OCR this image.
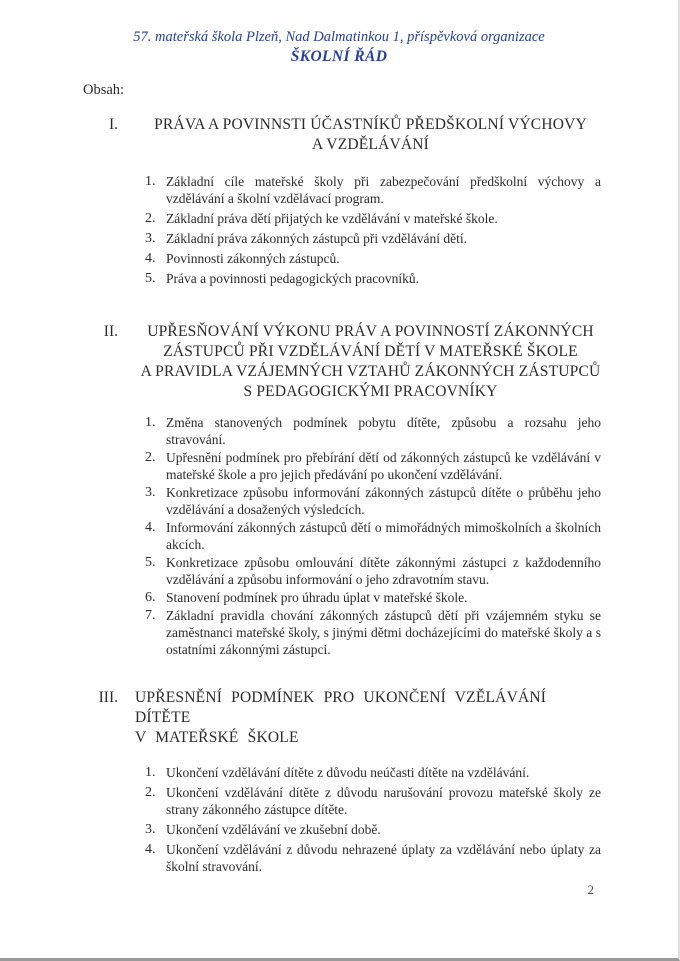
57. mateřská škola Plzeň, Nad Dalmatinkou 1, příspěvková organizace
ŠKOLNÍ ŘÁD
Obsah:
I.	PRÁVA A POVINNSTI ÚČASTNÍKŮ PŘEDŠKOLNÍ VÝCHOVY
A VZDĚLÁVÁNÍ
1. Základní cíle mateřské školy při zabezpečování předškolní výchovy a vzdělávání a školní vzdělávací program.
2. Základní práva dětí přijatých ke vzdělávání v mateřské škole.
3. Základní práva zákonných zástupců při vzdělávání dětí.
4. Povinnosti zákonných zástupců.
5. Práva a povinnosti pedagogických pracovníků.
II.	UPŘESŇOVÁNÍ VÝKONU PRÁV A POVINNOSTÍ ZÁKONNÝCH
ZÁSTUPCŮ PŘI VZDĚLÁVÁNÍ DĚTÍ V MATEŘSKÉ ŠKOLE
A PRAVIDLA VZÁJEMNÝCH VZTAHŮ ZÁKONNÝCH ZÁSTUPCŮ
S PEDAGOGICKÝMI PRACOVNÍKY
1. Změna stanovených podmínek pobytu dítěte, způsobu a rozsahu jeho stravování.
2. Upřesnění podmínek pro přebírání dětí od zákonných zástupců ke vzdělávání v mateřské škole a pro jejich předávání po ukončení vzdělávání.
3. Konkretizace způsobu informování zákonných zástupců dítěte o průběhu jeho vzdělávání a dosažených výsledcích.
4. Informování zákonných zástupců dětí o mimořádných mimoškolních a školních akcích.
5. Konkretizace způsobu omlouvání dítěte zákonnými zástupci z každodenního vzdělávání a způsobu informování o jeho zdravotním stavu.
6. Stanovení podmínek pro úhradu úplat v mateřské škole.
7. Základní pravidla chování zákonných zástupců dětí při vzájemném styku se zaměstnanci mateřské školy, s jinými dětmi docházejícími do mateřské školy a s ostatními zákonnými zástupci.
III. UPŘESNĚNÍ PODMÍNEK PRO UKONČENÍ VZĚLÁVÁNÍ DÍTĚTE
V MATEŘSKÉ ŠKOLE
1. Ukončení vzdělávání dítěte z důvodu neúčasti dítěte na vzdělávání.
2. Ukončení vzdělávání dítěte z důvodu narušování provozu mateřské školy ze strany zákonného zástupce dítěte.
3. Ukončení vzdělávání ve zkušební době.
4. Ukončení vzdělávání z důvodu nehrazené úplaty za vzdělávání nebo úplaty za školní stravování.
2
